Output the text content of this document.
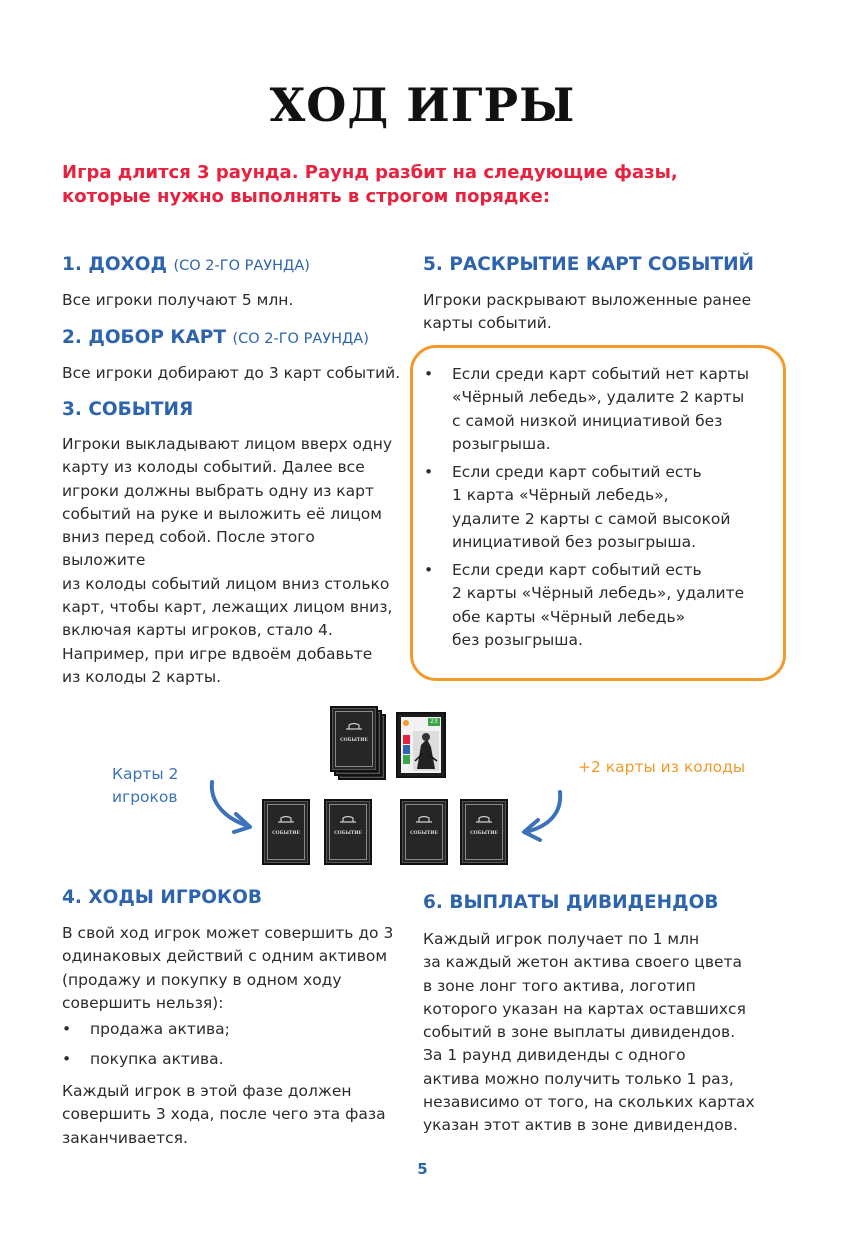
ХОД ИГРЫ
Игра длится 3 раунда. Раунд разбит на следующие фазы,
которые нужно выполнять в строгом порядке:
1. ДОХОД (СО 2-ГО РАУНДА)
Все игроки получают 5 млн.
2. ДОБОР КАРТ (СО 2-ГО РАУНДА)
Все игроки добирают до 3 карт событий.
3. СОБЫТИЯ
Игроки выкладывают лицом вверх одну
карту из колоды событий. Далее все
игроки должны выбрать одну из карт
событий на руке и выложить её лицом
вниз перед собой. После этого выложите
из колоды событий лицом вниз столько
карт, чтобы карт, лежащих лицом вниз,
включая карты игроков, стало 4.
Например, при игре вдвоём добавьте
из колоды 2 карты.
5. РАСКРЫТИЕ КАРТ СОБЫТИЙ
Игроки раскрывают выложенные ранее
карты событий.
• Если среди карт событий нет карты
«Чёрный лебедь», удалите 2 карты
с самой низкой инициативой без
розыгрыша.
• Если среди карт событий есть
1 карта «Чёрный лебедь»,
удалите 2 карты с самой высокой
инициативой без розыгрыша.
• Если среди карт событий есть
2 карты «Чёрный лебедь», удалите
обе карты «Чёрный лебедь»
без розыгрыша.
Карты 2
игроков
+2 карты из колоды
СОБЫТИЕ
23
СОБЫТИЕ	СОБЫТИЕ	СОБЫТИЕ	СОБЫТИЕ
4. ХОДЫ ИГРОКОВ
В свой ход игрок может совершить до 3
одинаковых действий с одним активом
(продажу и покупку в одном ходу
совершить нельзя):
• продажа актива;
• покупка актива.
Каждый игрок в этой фазе должен
совершить 3 хода, после чего эта фаза
заканчивается.
6. ВЫПЛАТЫ ДИВИДЕНДОВ
Каждый игрок получает по 1 млн
за каждый жетон актива своего цвета
в зоне лонг того актива, логотип
которого указан на картах оставшихся
событий в зоне выплаты дивидендов.
За 1 раунд дивиденды с одного
актива можно получить только 1 раз,
независимо от того, на скольких картах
указан этот актив в зоне дивидендов.
5
